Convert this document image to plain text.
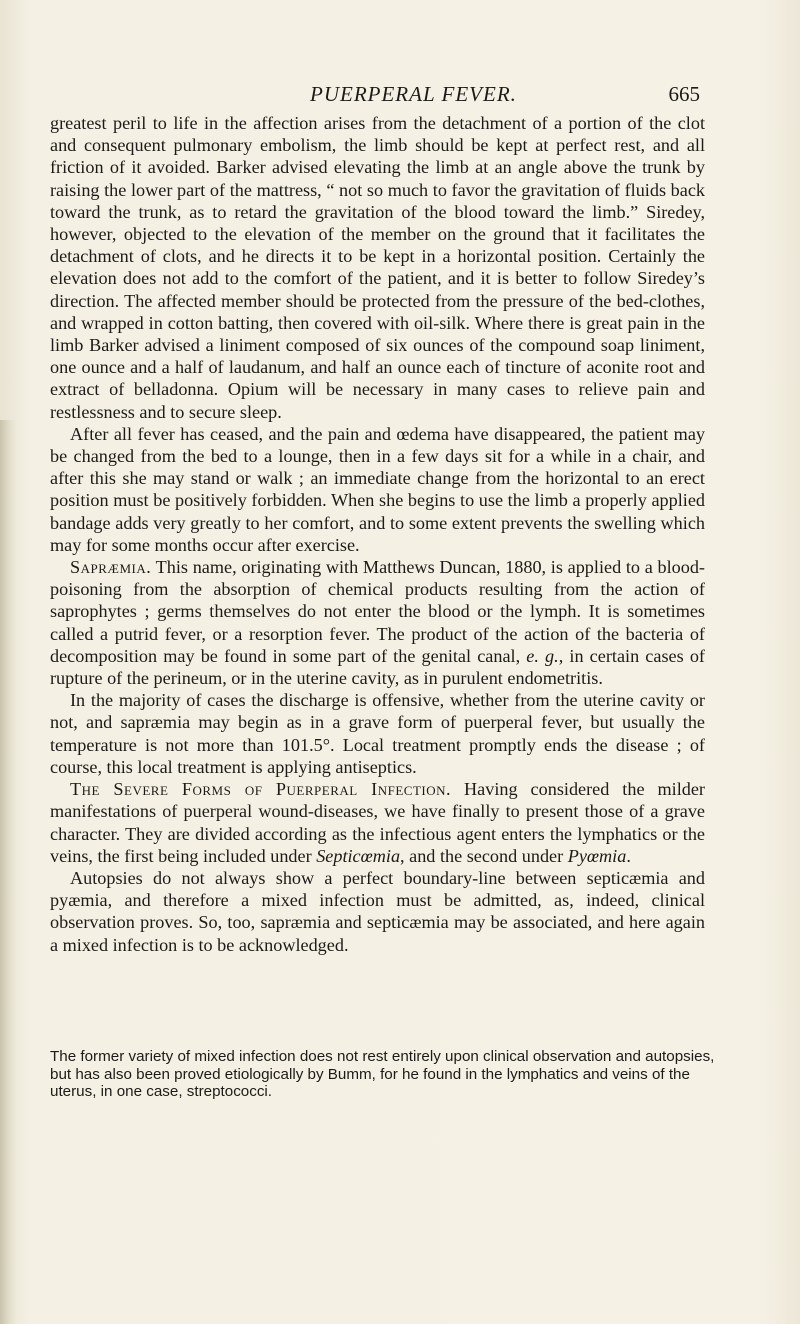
PUERPERAL FEVER.	665

greatest peril to life in the affection arises from the detachment of a portion of the clot and consequent pulmonary embolism, the limb should be kept at perfect rest, and all friction of it avoided. Barker advised elevating the limb at an angle above the trunk by raising the lower part of the mattress, “ not so much to favor the gravitation of fluids back toward the trunk, as to retard the gravitation of the blood toward the limb.” Siredey, however, objected to the elevation of the member on the ground that it facilitates the detachment of clots, and he directs it to be kept in a horizontal position. Certainly the elevation does not add to the comfort of the patient, and it is better to follow Siredey’s direction. The affected member should be protected from the pressure of the bed-clothes, and wrapped in cotton batting, then covered with oil-silk. Where there is great pain in the limb Barker advised a liniment composed of six ounces of the compound soap liniment, one ounce and a half of laudanum, and half an ounce each of tincture of aconite root and extract of belladonna. Opium will be necessary in many cases to relieve pain and restlessness and to secure sleep.

After all fever has ceased, and the pain and œdema have disappeared, the patient may be changed from the bed to a lounge, then in a few days sit for a while in a chair, and after this she may stand or walk ; an immediate change from the horizontal to an erect position must be positively forbidden. When she begins to use the limb a properly applied bandage adds very greatly to her comfort, and to some extent prevents the swelling which may for some months occur after exercise.

Sapræmia. This name, originating with Matthews Duncan, 1880, is applied to a blood-poisoning from the absorption of chemical products resulting from the action of saprophytes ; germs themselves do not enter the blood or the lymph. It is sometimes called a putrid fever, or a resorption fever. The product of the action of the bacteria of decomposition may be found in some part of the genital canal, e. g., in certain cases of rupture of the perineum, or in the uterine cavity, as in purulent endometritis.

In the majority of cases the discharge is offensive, whether from the uterine cavity or not, and sapræmia may begin as in a grave form of puerperal fever, but usually the temperature is not more than 101.5°. Local treatment promptly ends the disease ; of course, this local treatment is applying antiseptics.

The Severe Forms of Puerperal Infection. Having considered the milder manifestations of puerperal wound-diseases, we have finally to present those of a grave character. They are divided according as the infectious agent enters the lymphatics or the veins, the first being included under Septicœmia, and the second under Pyœmia.

Autopsies do not always show a perfect boundary-line between septicæmia and pyæmia, and therefore a mixed infection must be admitted, as, indeed, clinical observation proves. So, too, sapræmia and septicæmia may be associated, and here again a mixed infection is to be acknowledged.

The former variety of mixed infection does not rest entirely upon clinical observation and autopsies, but has also been proved etiologically by Bumm, for he found in the lymphatics and veins of the uterus, in one case, streptococci.
